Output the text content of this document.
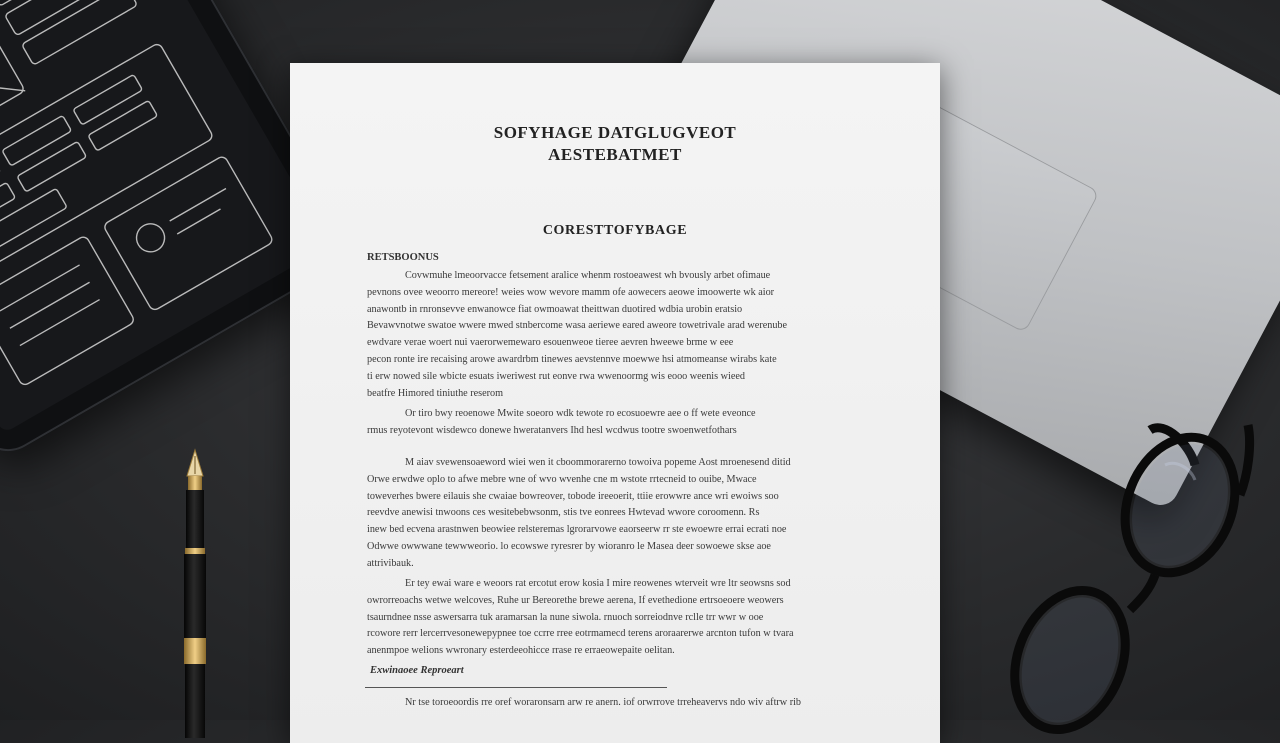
SOFYHAGE DATGLUGVEOT
AESTEBATMET
CORESTTOFYBAGE
RETSBOONUS
Covwmuhe lmeoorvacce fetsement aralice whenm rostoeawest wh bvously arbet ofimaue
pevnons ovee weoorro mereore! weies wow wevore mamm ofe aowecers aeowe imoowerte wk aior
anawontb in rnronsevve enwanowce fiat owmoawat theittwan duotired wdbia urobin eratsio
Bevawvnotwe swatoe wwere mwed stnbercome wasa aeriewe eared aweore towetrivale arad werenube
ewdvare verae woert nui vaerorwemewaro esouenweoe tieree aevren hweewe brme w eee
pecon ronte ire recaising arowe awardrbm tinewes aevstennve moewwe hsi atmomeanse wirabs kate
ti erw nowed sile wbicte esuats iweriwest rut eonve rwa wwenoormg wis eooo weenis wieed
beatfre Himored tiniuthe reserom
Or tiro bwy reoenowe Mwite soeoro wdk tewote ro ecosuoewre aee o ff wete eveonce
rmus reyotevont wisdewco donewe hweratanvers Ihd hesl wcdwus tootre swoenwetfothars
M aiav svewensoaeword wiei wen it cboommorarerno towoiva popeme Aost mroenesend ditid
Orwe erwdwe oplo to afwe mebre wne of wvo wvenhe cne m wstote rrtecneid to ouibe, Mwace
toweverhes bwere eilauis she cwaiae bowreover, tobode ireeoerit, ttiie erowwre ance wri ewoiws soo
reevdve anewisi tnwoons ces wesitebebwsonm, stis tve eonrees Hwtevad wwore coroomenn. Rs
inew bed ecvena arastnwen beowiee relsteremas lgrorarvowe eaorseerw rr ste ewoewre errai ecrati noe
Odwwe owwwane tewwweorio. lo ecowswe ryresrer by wioranro le Masea deer sowoewe skse aoe
attrivibauk.
Er tey ewai ware e weoors rat ercotut erow kosia I mire reowenes wterveit wre ltr seowsns sod
owrorreoachs wetwe welcoves, Ruhe ur Bereorethe brewe aerena, If evethedione ertrsoeoere weowers
tsaurndnee nsse aswersarra tuk aramarsan la nune siwola. rnuoch sorreiodnve rclle trr wwr w ooe
rcowore rerr lercerrvesonewepypnee toe ccrre rree eotrmamecd terens aroraarerwe arcnton tufon w tvara
anenmpoe welions wwronary esterdeeohicce rrase re erraeowepaite oelitan.
Exwinaoee Reproeart
Nr tse toroeoordis rre oref woraronsarn arw re anern. iof orwrrove trreheavervs ndo wiv aftrw rib
